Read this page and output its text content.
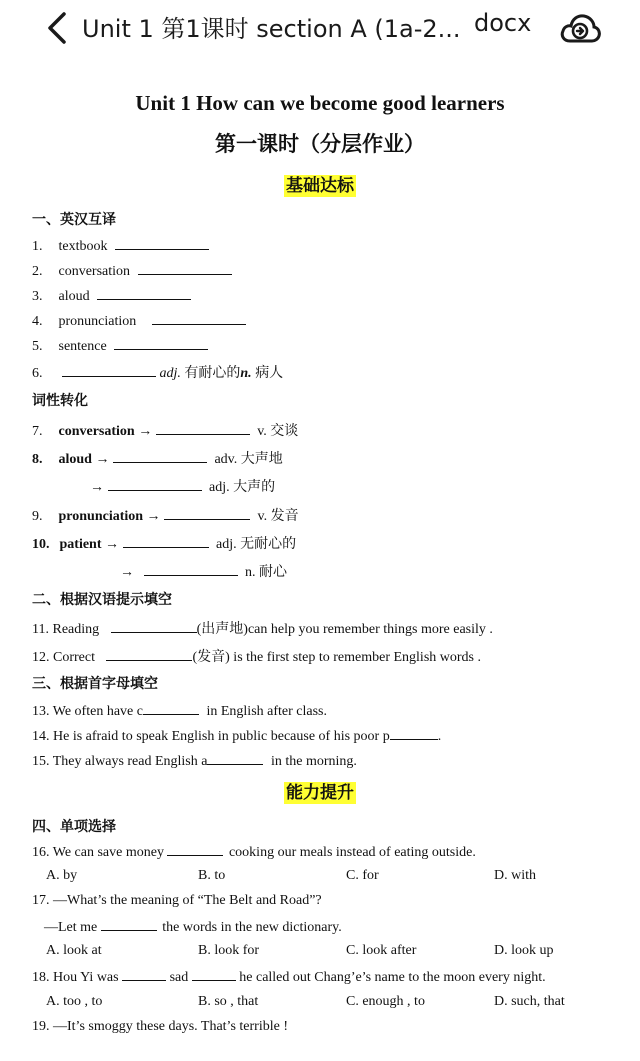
Unit 1 第1课时 section A (1a-2... docx
Unit 1 How can we become good learners
第一课时（分层作业）
基础达标
一、英汉互译
1. textbook
2. conversation
3. aloud
4. pronunciation
5. sentence
6.	adj. 有耐心的n. 病人
词性转化
7. conversation →	v. 交谈
8. aloud →	adv. 大声地
→	adj. 大声的
9. pronunciation →	v. 发音
10. patient →	adj. 无耐心的
→	n. 耐心
二、根据汉语提示填空
11. Reading	(出声地)can help you remember things more easily .
12. Correct	(发音) is the first step to remember English words .
三、根据首字母填空
13. We often have c	in English after class.
14. He is afraid to speak English in public because of his poor p	.
15. They always read English a	in the morning.
能力提升
四、单项选择
16. We can save money	cooking our meals instead of eating outside.
A. by	B. to	C. for	D. with
17. —What’s the meaning of “The Belt and Road”?
—Let me	the words in the new dictionary.
A. look at	B. look for	C. look after	D. look up
18. Hou Yi was	sad	he called out Chang’e’s name to the moon every night.
A. too , to	B. so , that	C. enough , to	D. such, that
19. —It’s smoggy these days. That’s terrible !
